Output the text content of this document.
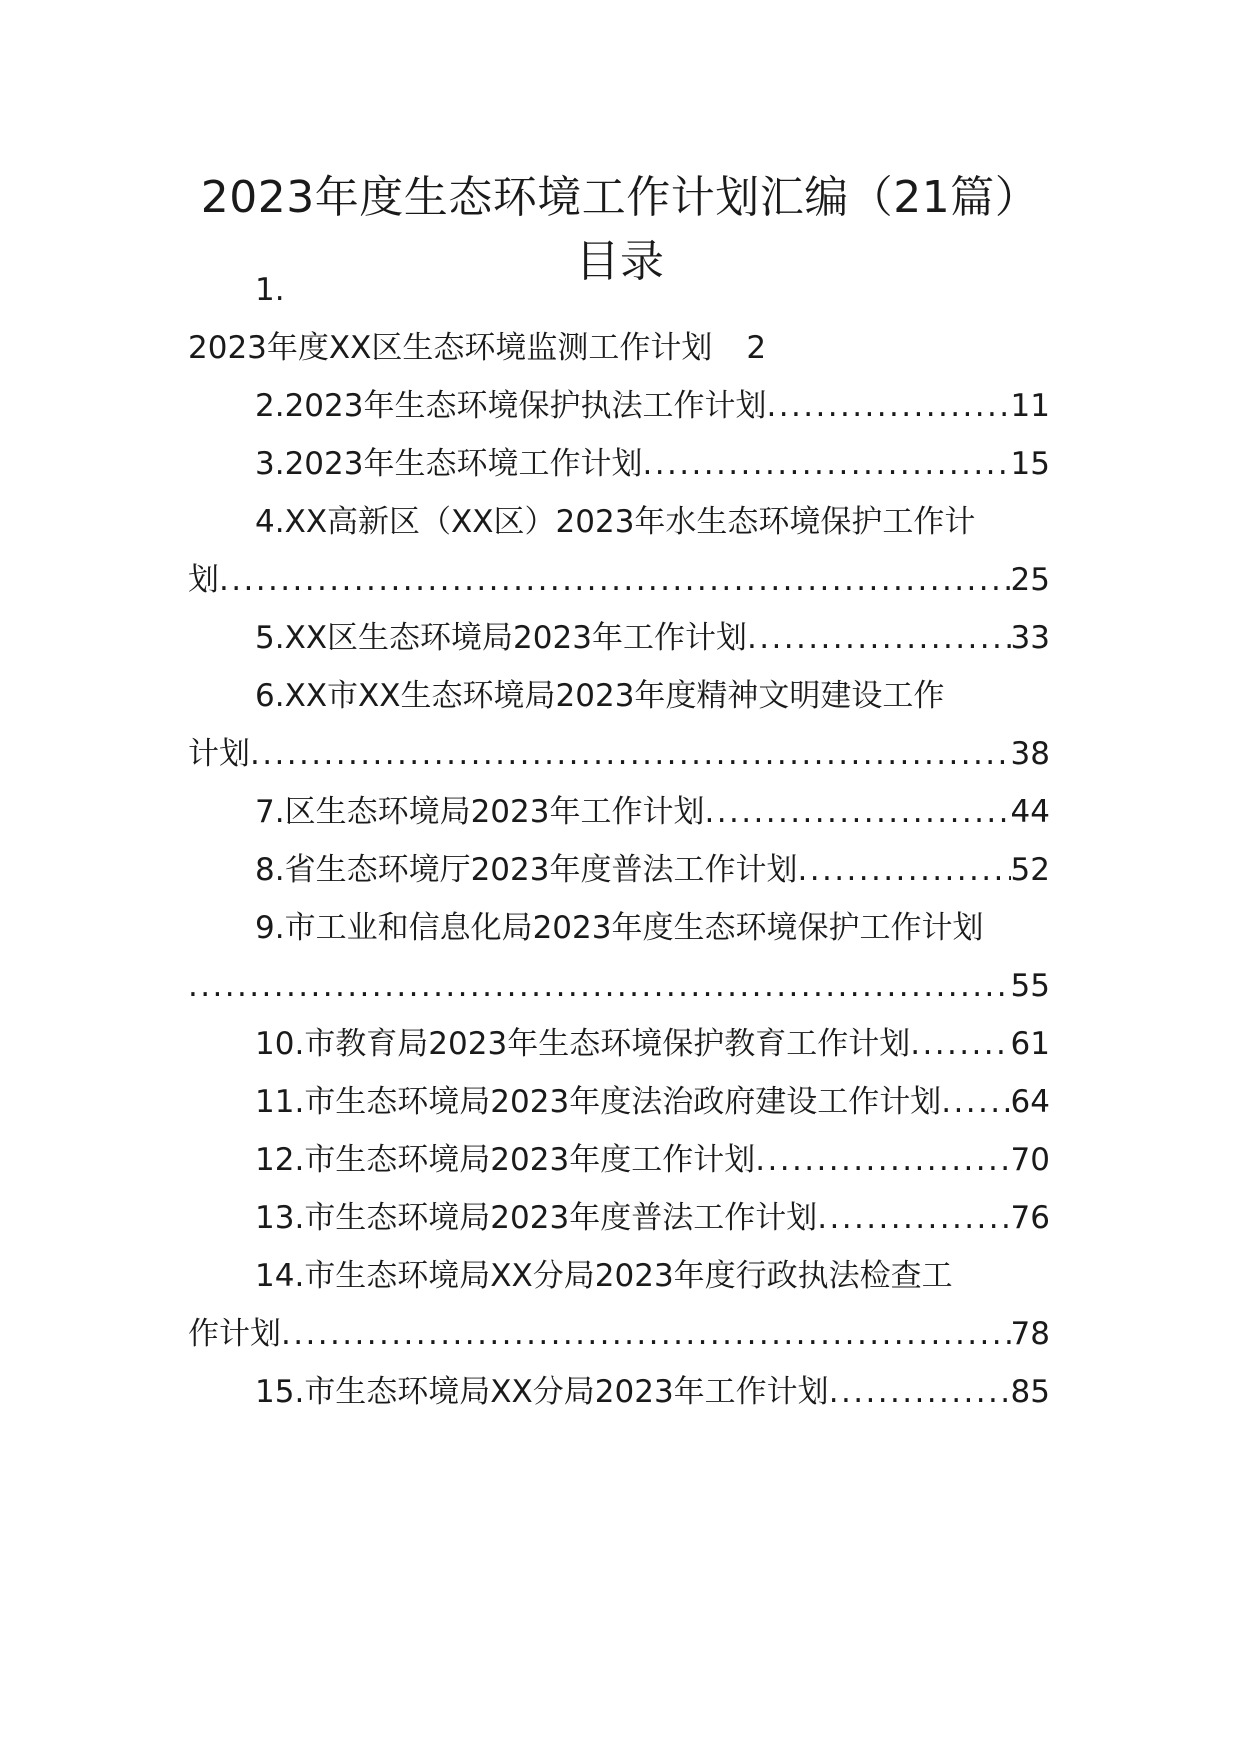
2023年度生态环境工作计划汇编（21篇）
目录
1.
2023年度XX区生态环境监测工作计划 2
2. 2023年生态环境保护执法工作计划 .....	11
3. 2023年生态环境工作计划 .....	15
4. XX高新区（XX区）2023年水生态环境保护工作计
划 .....	25
5. XX区生态环境局2023年工作计划 .....	33
6. XX市XX生态环境局2023年度精神文明建设工作
计划 .....	38
7. 区生态环境局2023年工作计划 .....	44
8. 省生态环境厅2023年度普法工作计划 .....	52
9. 市工业和信息化局2023年度生态环境保护工作计划
.....
55
10. 市教育局2023年生态环境保护教育工作计划 .....	61
11. 市生态环境局2023年度法治政府建设工作计划 ..... 64
12. 市生态环境局2023年度工作计划 .....	70
13. 市生态环境局2023年度普法工作计划 .....	76
14. 市生态环境局XX分局2023年度行政执法检查工
作计划 .....	78
15. 市生态环境局XX分局2023年工作计划 .....	85
